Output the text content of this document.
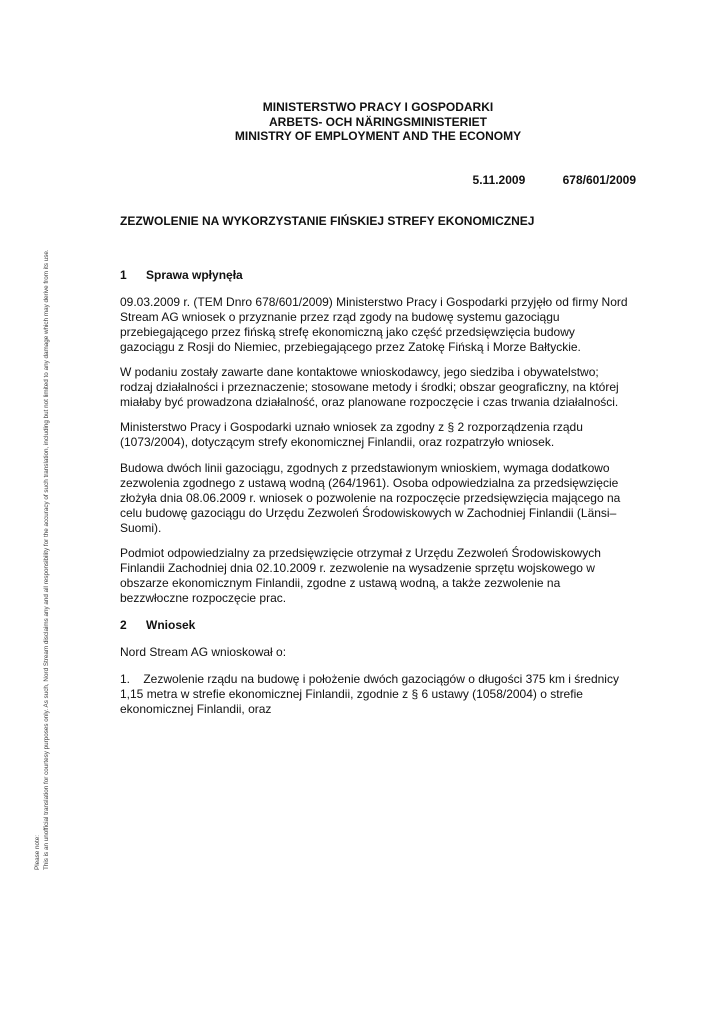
Please note: This is an unofficial translation for courtesy purposes only. As such, Nord Stream disclaims any and all responsibility for the accuracy of such translation, including but not limited to any damage which may derive from its use.
MINISTERSTWO PRACY I GOSPODARKI
ARBETS- OCH NÄRINGSMINISTERIET
MINISTRY OF EMPLOYMENT AND THE ECONOMY
5.11.2009	678/601/2009
ZEZWOLENIE NA WYKORZYSTANIE FIŃSKIEJ STREFY EKONOMICZNEJ
1 Sprawa wpłynęła
09.03.2009 r. (TEM Dnro 678/601/2009) Ministerstwo Pracy i Gospodarki przyjęło od firmy Nord
Stream AG wniosek o przyznanie przez rząd zgody na budowę systemu gazociągu
przebiegającego przez fińską strefę ekonomiczną jako część przedsięwzięcia budowy
gazociągu z Rosji do Niemiec, przebiegającego przez Zatokę Fińską i Morze Bałtyckie.
W podaniu zostały zawarte dane kontaktowe wnioskodawcy, jego siedziba i obywatelstwo;
rodzaj działalności i przeznaczenie; stosowane metody i środki; obszar geograficzny, na której
miałaby być prowadzona działalność, oraz planowane rozpoczęcie i czas trwania działalności.
Ministerstwo Pracy i Gospodarki uznało wniosek za zgodny z § 2 rozporządzenia rządu
(1073/2004), dotyczącym strefy ekonomicznej Finlandii, oraz rozpatrzyło wniosek.
Budowa dwóch linii gazociągu, zgodnych z przedstawionym wnioskiem, wymaga dodatkowo
zezwolenia zgodnego z ustawą wodną (264/1961). Osoba odpowiedzialna za przedsięwzięcie
złożyła dnia 08.06.2009 r. wniosek o pozwolenie na rozpoczęcie przedsięwzięcia mającego na
celu budowę gazociągu do Urzędu Zezwoleń Środowiskowych w Zachodniej Finlandii (Länsi–
Suomi).
Podmiot odpowiedzialny za przedsięwzięcie otrzymał z Urzędu Zezwoleń Środowiskowych
Finlandii Zachodniej dnia 02.10.2009 r. zezwolenie na wysadzenie sprzętu wojskowego w
obszarze ekonomicznym Finlandii, zgodne z ustawą wodną, a także zezwolenie na
bezzwłoczne rozpoczęcie prac.
2 Wniosek
Nord Stream AG wnioskował o:
1.    Zezwolenie rządu na budowę i położenie dwóch gazociągów o długości 375 km i średnicy
1,15 metra w strefie ekonomicznej Finlandii, zgodnie z § 6 ustawy (1058/2004) o strefie
ekonomicznej Finlandii, oraz
